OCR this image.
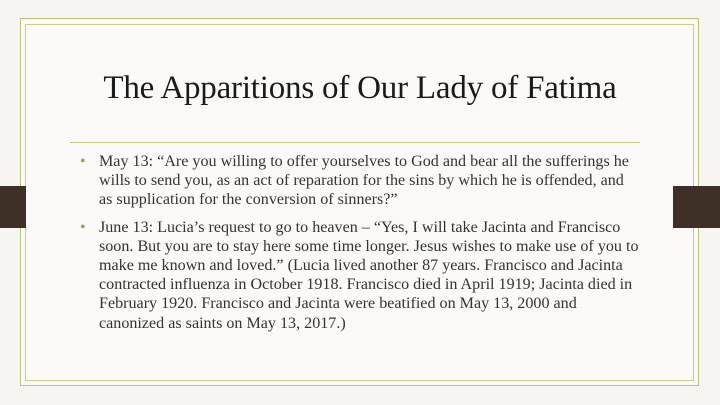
The Apparitions of Our Lady of Fatima
• May 13: “Are you willing to offer yourselves to God and bear all the sufferings he wills to send you, as an act of reparation for the sins by which he is offended, and as supplication for the conversion of sinners?”
• June 13: Lucia’s request to go to heaven – “Yes, I will take Jacinta and Francisco soon. But you are to stay here some time longer. Jesus wishes to make use of you to make me known and loved.” (Lucia lived another 87 years. Francisco and Jacinta contracted influenza in October 1918. Francisco died in April 1919; Jacinta died in February 1920. Francisco and Jacinta were beatified on May 13, 2000 and canonized as saints on May 13, 2017.)
